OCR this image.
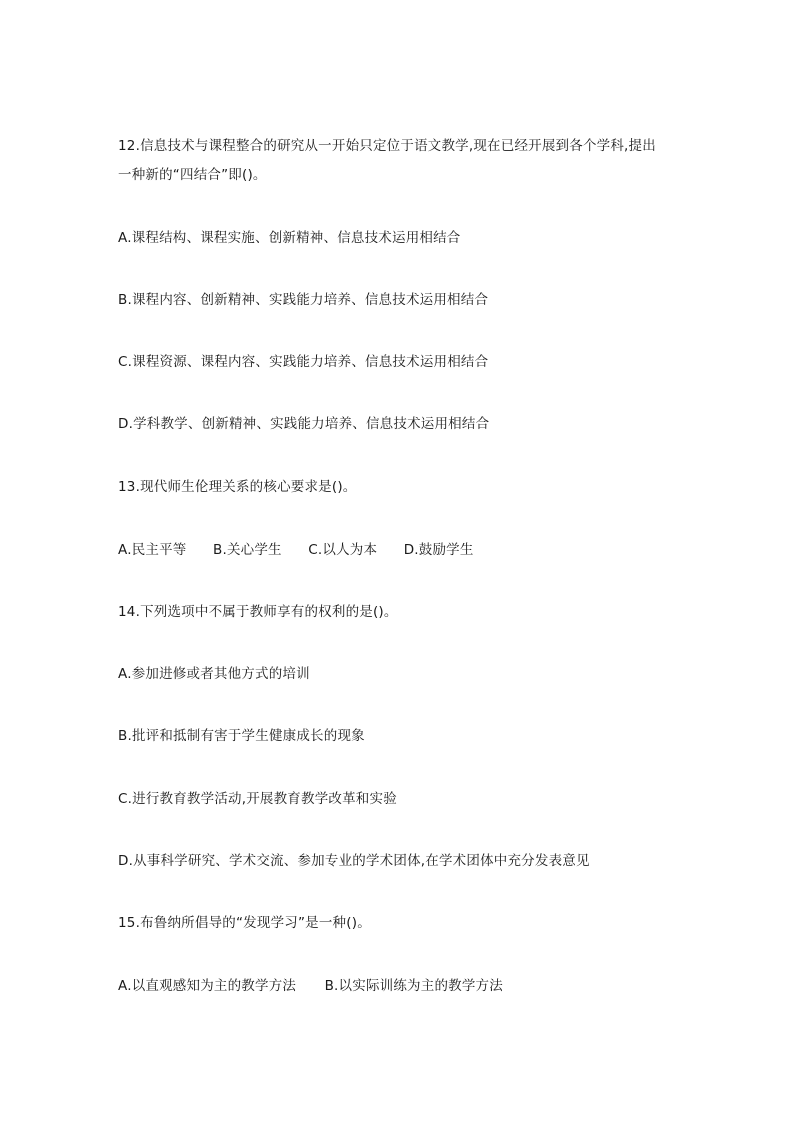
12.信息技术与课程整合的研究从一开始只定位于语文教学,现在已经开展到各个学科,提出
一种新的“四结合”即()。
A.课程结构、课程实施、创新精神、信息技术运用相结合
B.课程内容、创新精神、实践能力培养、信息技术运用相结合
C.课程资源、课程内容、实践能力培养、信息技术运用相结合
D.学科教学、创新精神、实践能力培养、信息技术运用相结合
13.现代师生伦理关系的核心要求是()。
A.民主平等 B.关心学生 C.以人为本 D.鼓励学生
14.下列选项中不属于教师享有的权利的是()。
A.参加进修或者其他方式的培训
B.批评和抵制有害于学生健康成长的现象
C.进行教育教学活动,开展教育教学改革和实验
D.从事科学研究、学术交流、参加专业的学术团体,在学术团体中充分发表意见
15.布鲁纳所倡导的“发现学习”是一种()。
A.以直观感知为主的教学方法 B.以实际训练为主的教学方法
